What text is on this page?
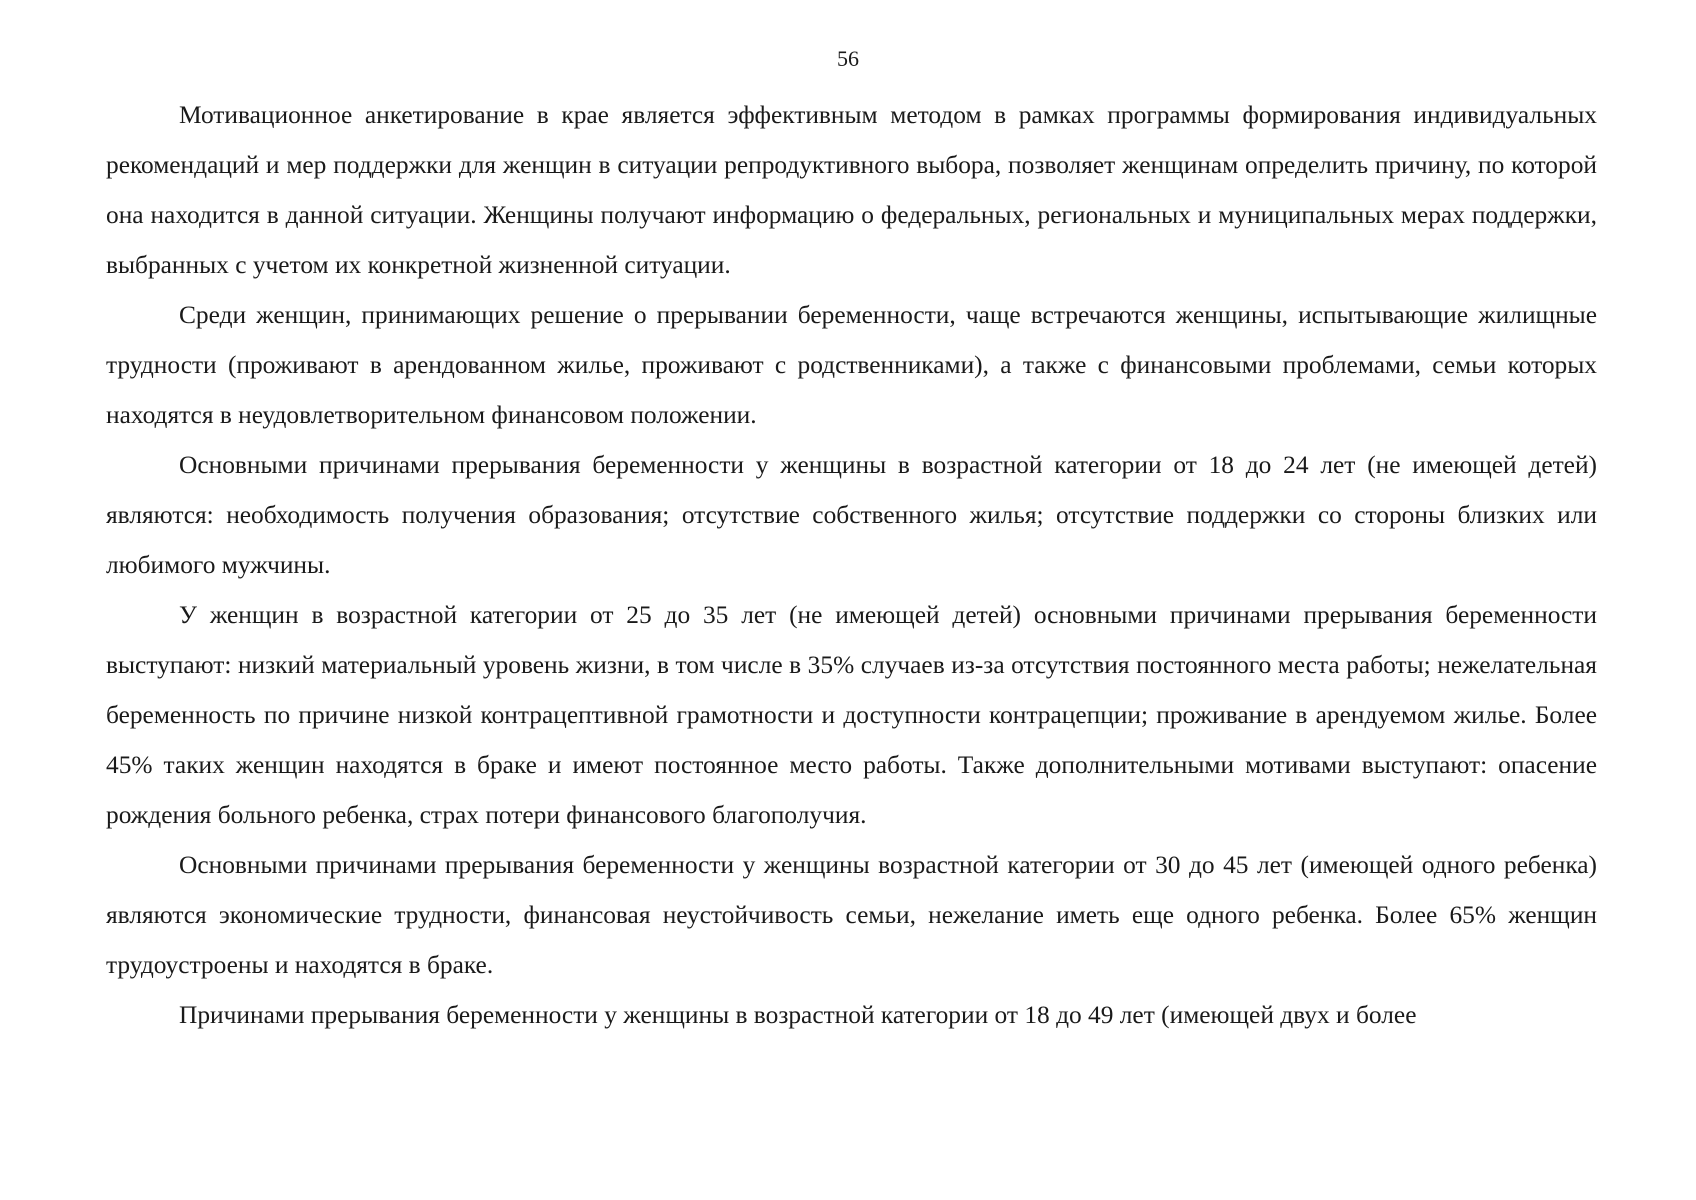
56

Мотивационное анкетирование в крае является эффективным методом в рамках программы формирования индивидуальных рекомендаций и мер поддержки для женщин в ситуации репродуктивного выбора, позволяет женщинам определить причину, по которой она находится в данной ситуации. Женщины получают информацию о федеральных, региональных и муниципальных мерах поддержки, выбранных с учетом их конкретной жизненной ситуации.

Среди женщин, принимающих решение о прерывании беременности, чаще встречаются женщины, испытывающие жилищные трудности (проживают в арендованном жилье, проживают с родственниками), а также с финансовыми проблемами, семьи которых находятся в неудовлетворительном финансовом положении.

Основными причинами прерывания беременности у женщины в возрастной категории от 18 до 24 лет (не имеющей детей) являются: необходимость получения образования; отсутствие собственного жилья; отсутствие поддержки со стороны близких или любимого мужчины.

У женщин в возрастной категории от 25 до 35 лет (не имеющей детей) основными причинами прерывания беременности выступают: низкий материальный уровень жизни, в том числе в 35% случаев из-за отсутствия постоянного места работы; нежелательная беременность по причине низкой контрацептивной грамотности и доступности контрацепции; проживание в арендуемом жилье. Более 45% таких женщин находятся в браке и имеют постоянное место работы. Также дополнительными мотивами выступают: опасение рождения больного ребенка, страх потери финансового благополучия.

Основными причинами прерывания беременности у женщины возрастной категории от 30 до 45 лет (имеющей одного ребенка) являются экономические трудности, финансовая неустойчивость семьи, нежелание иметь еще одного ребенка. Более 65% женщин трудоустроены и находятся в браке.

Причинами прерывания беременности у женщины в возрастной категории от 18 до 49 лет (имеющей двух и более
